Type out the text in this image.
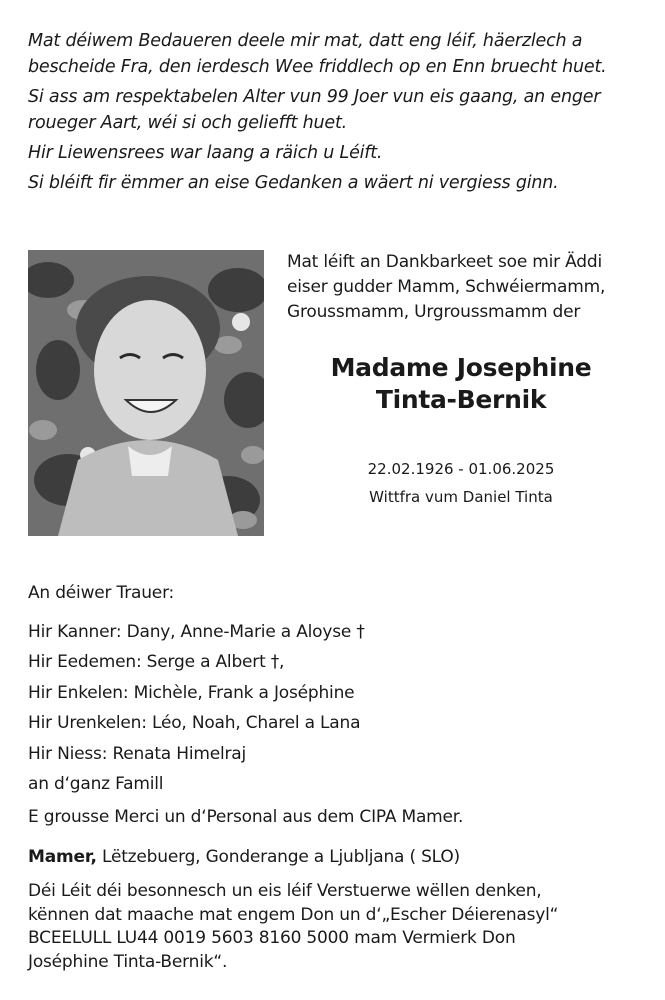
Mat déiwem Bedaueren deele mir mat, datt eng léif, häerzlech a bescheide Fra, den ierdesch Wee friddlech op en Enn bruecht huet.

Si ass am respektabelen Alter vun 99 Joer vun eis gaang, an enger roueger Aart, wéi si och geliefft huet.

Hir Liewensrees war laang a räich u Léift.

Si bléift fir ëmmer an eise Gedanken a wäert ni vergiess ginn.

Mat léift an Dankbarkeet soe mir Äddi
eiser gudder Mamm, Schwéiermamm,
Groussmamm, Urgroussmamm der
Madame Josephine
Tinta-Bernik
22.02.1926 - 01.06.2025
Wittfra vum Daniel Tinta
An déiwer Trauer:
Hir Kanner: Dany, Anne-Marie a Aloyse †
Hir Eedemen: Serge a Albert †,
Hir Enkelen: Michèle, Frank a Joséphine
Hir Urenkelen: Léo, Noah, Charel a Lana
Hir Niess: Renata Himelraj
an d‘ganz Famill
E grousse Merci un d‘Personal aus dem CIPA Mamer.
Mamer, Lëtzebuerg, Gonderange a Ljubljana ( SLO)
Déi Léit déi besonnesch un eis léif Verstuerwe wëllen denken,
kënnen dat maache mat engem Don un d‘„Escher Déierenasyl“
BCEELULL LU44 0019 5603 8160 5000 mam Vermierk Don
Joséphine Tinta-Bernik“.
